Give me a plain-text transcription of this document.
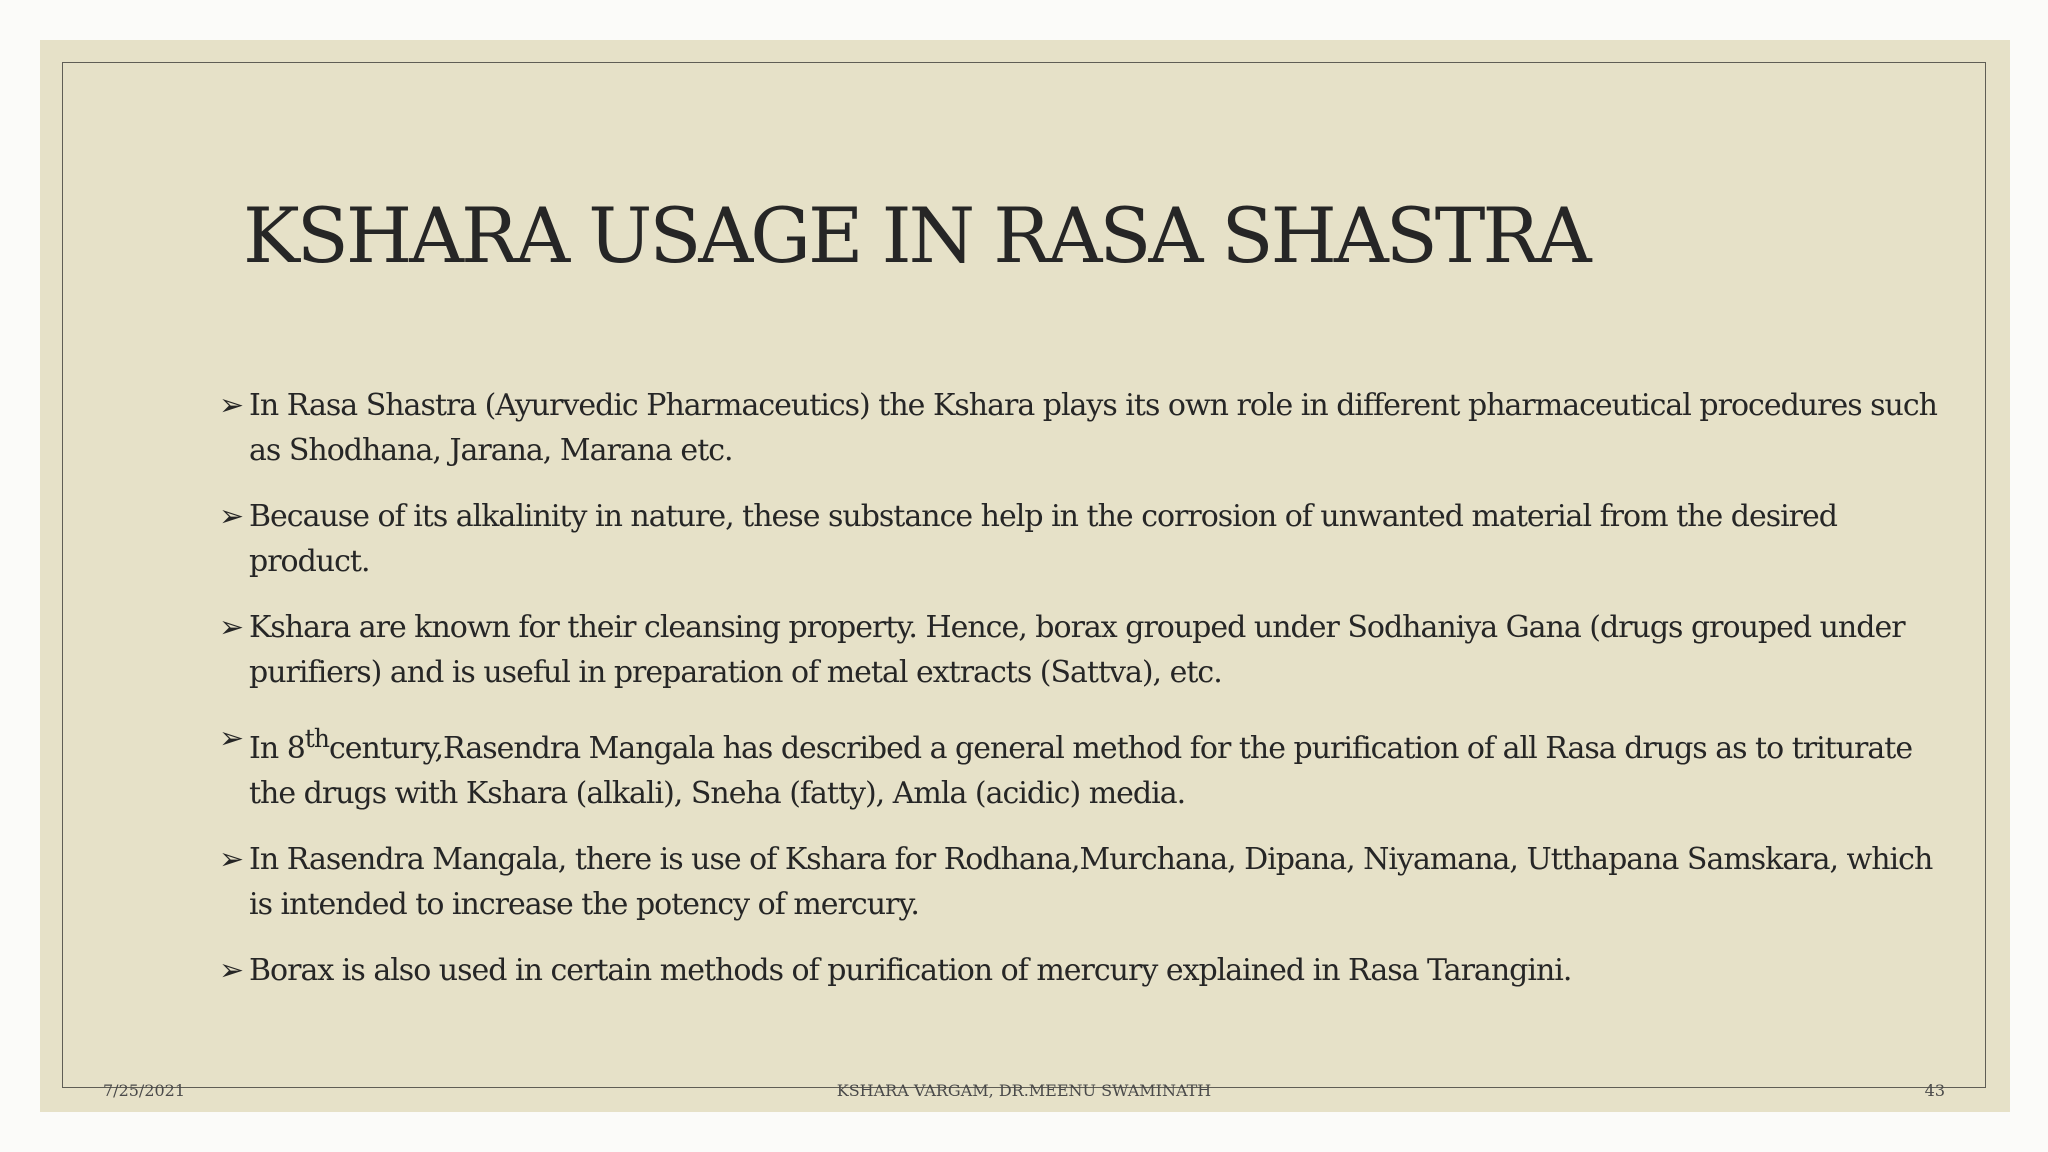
KSHARA USAGE IN RASA SHASTRA
➢ In Rasa Shastra (Ayurvedic Pharmaceutics) the Kshara plays its own role in different pharmaceutical procedures such as Shodhana, Jarana, Marana etc.
➢ Because of its alkalinity in nature, these substance help in the corrosion of unwanted material from the desired product.
➢ Kshara are known for their cleansing property. Hence, borax grouped under Sodhaniya Gana (drugs grouped under purifiers) and is useful in preparation of metal extracts (Sattva), etc.
➢ In 8thcentury,Rasendra Mangala has described a general method for the purification of all Rasa drugs as to triturate the drugs with Kshara (alkali), Sneha (fatty), Amla (acidic) media.
➢ In Rasendra Mangala, there is use of Kshara for Rodhana,Murchana, Dipana, Niyamana, Utthapana Samskara, which is intended to increase the potency of mercury.
➢ Borax is also used in certain methods of purification of mercury explained in Rasa Tarangini.
7/25/2021	KSHARA VARGAM, DR.MEENU SWAMINATH	43
